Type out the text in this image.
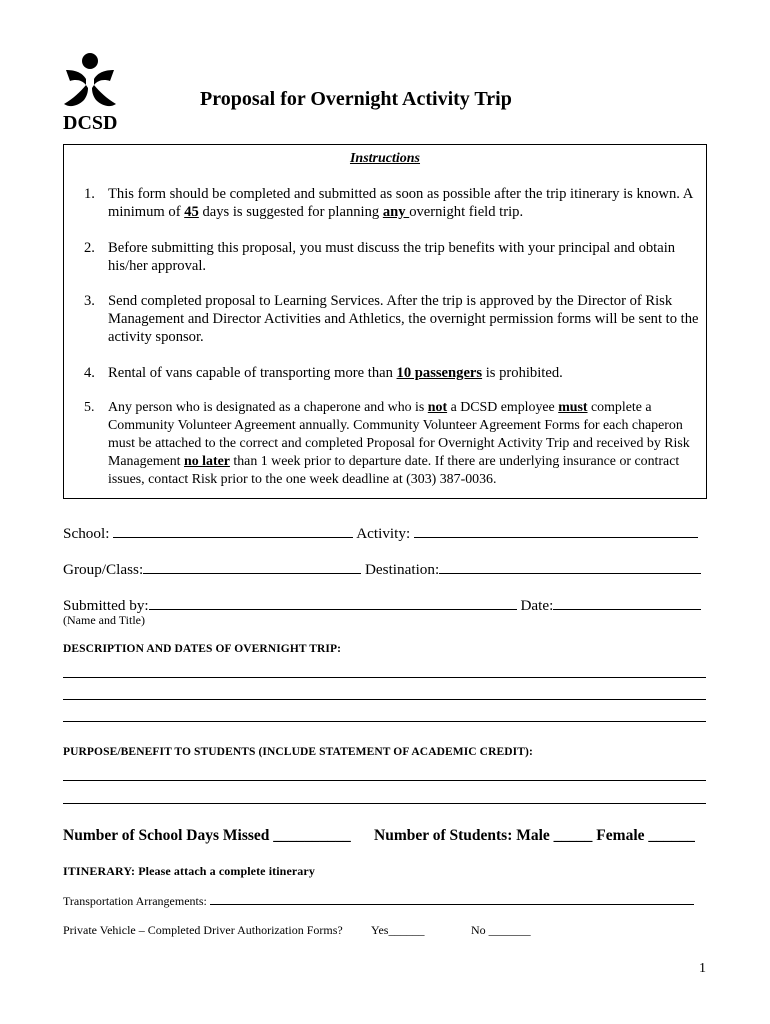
DCSD
Proposal for Overnight Activity Trip
Instructions
1. This form should be completed and submitted as soon as possible after the trip itinerary is known. A minimum of 45 days is suggested for planning any overnight field trip.
2. Before submitting this proposal, you must discuss the trip benefits with your principal and obtain his/her approval.
3. Send completed proposal to Learning Services. After the trip is approved by the Director of Risk Management and Director Activities and Athletics, the overnight permission forms will be sent to the activity sponsor.
4. Rental of vans capable of transporting more than 10 passengers is prohibited.
5. Any person who is designated as a chaperone and who is not a DCSD employee must complete a Community Volunteer Agreement annually. Community Volunteer Agreement Forms for each chaperon must be attached to the correct and completed Proposal for Overnight Activity Trip and received by Risk Management no later than 1 week prior to departure date. If there are underlying insurance or contract issues, contact Risk prior to the one week deadline at (303) 387-0036.
School:	Activity:
Group/Class:	Destination:
Submitted by:	Date:
(Name and Title)
DESCRIPTION AND DATES OF OVERNIGHT TRIP:
PURPOSE/BENEFIT TO STUDENTS (INCLUDE STATEMENT OF ACADEMIC CREDIT):
Number of School Days Missed __________ Number of Students: Male _____ Female ______
ITINERARY: Please attach a complete itinerary
Transportation Arrangements:
Private Vehicle – Completed Driver Authorization Forms? Yes______	No _______
1
